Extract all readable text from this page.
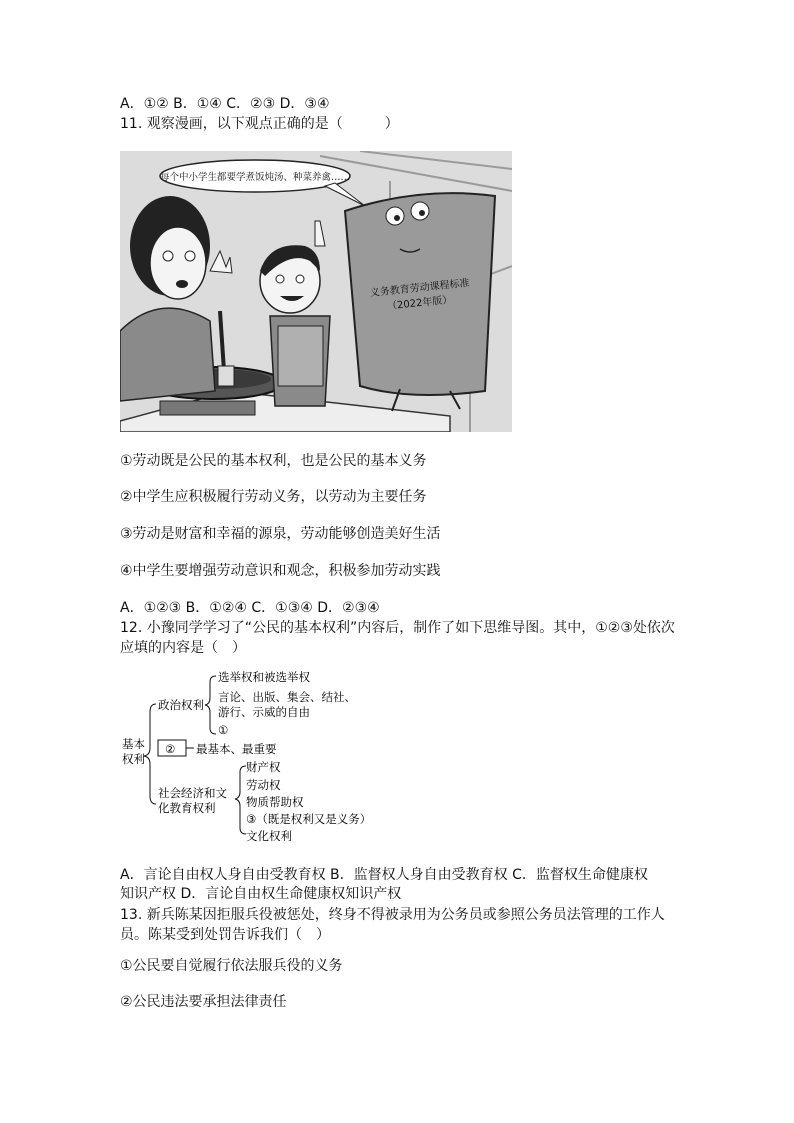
A．①② B．①④ C．②③ D．③④
11. 观察漫画，以下观点正确的是（　　　）
每个中小学生都要学煮饭炖汤、种菜养禽……
义务教育劳动课程标准
（2022年版）
①劳动既是公民的基本权利，也是公民的基本义务
②中学生应积极履行劳动义务，以劳动为主要任务
③劳动是财富和幸福的源泉，劳动能够创造美好生活
④中学生要增强劳动意识和观念，积极参加劳动实践
A．①②③ B．①②④ C．①③④ D．②③④
12. 小豫同学学习了“公民的基本权利”内容后，制作了如下思维导图。其中，①②③处依次应填的内容是（　）
基本
权利
政治权利
选举权和被选举权
言论、出版、集会、结社、
游行、示威的自由
①
② 最基本、最重要
社会经济和文
化教育权利
财产权
劳动权
物质帮助权
③（既是权利又是义务）
文化权利
A．言论自由权人身自由受教育权 B．监督权人身自由受教育权 C．监督权生命健康权
知识产权 D．言论自由权生命健康权知识产权
13. 新兵陈某因拒服兵役被惩处，终身不得被录用为公务员或参照公务员法管理的工作人员。陈某受到处罚告诉我们（　）
①公民要自觉履行依法服兵役的义务
②公民违法要承担法律责任
